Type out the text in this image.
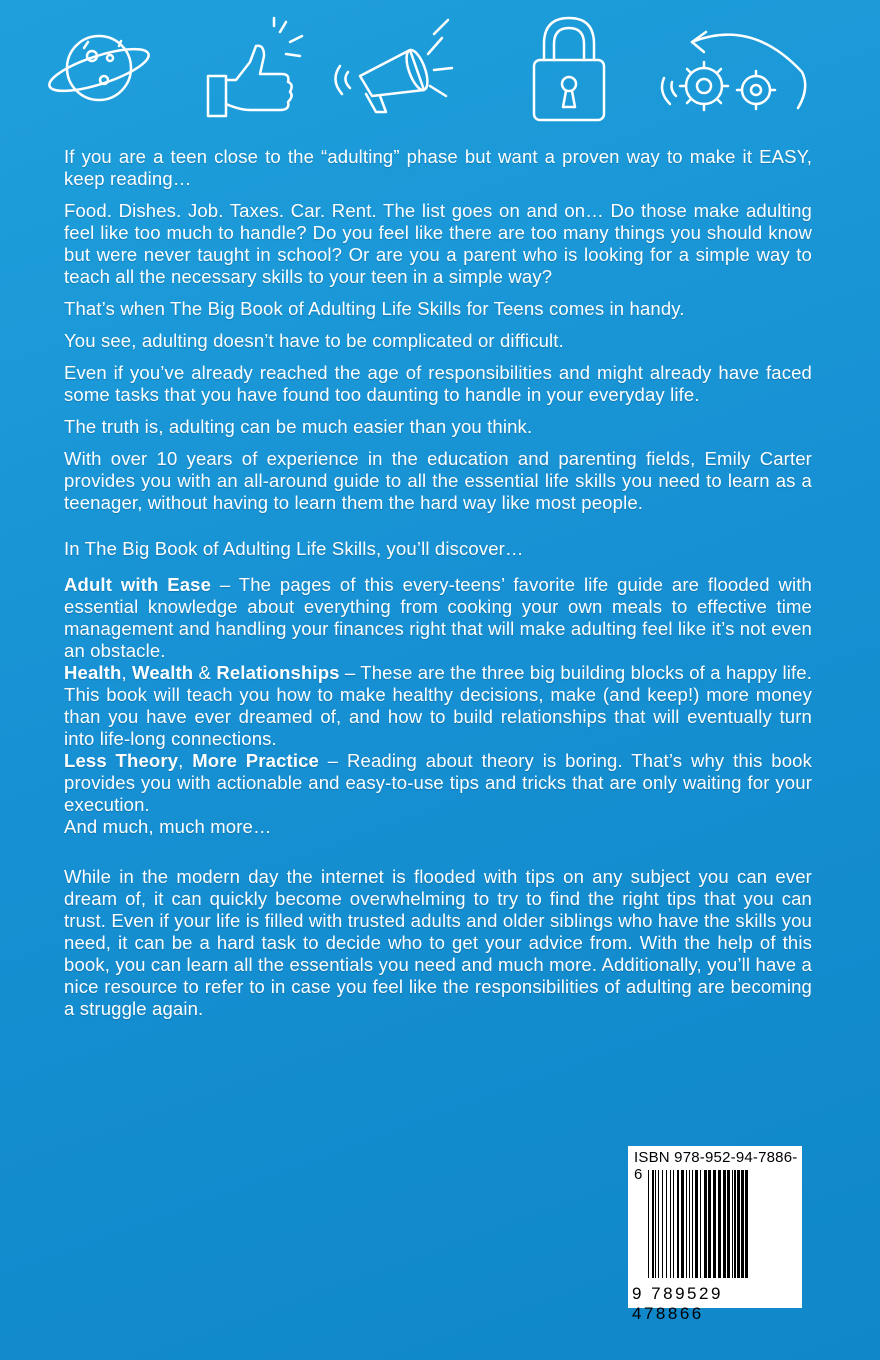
If you are a teen close to the “adulting” phase but want a proven way to make it EASY, keep reading…

Food. Dishes. Job. Taxes. Car. Rent. The list goes on and on… Do those make adulting feel like too much to handle? Do you feel like there are too many things you should know but were never taught in school? Or are you a parent who is looking for a simple way to teach all the necessary skills to your teen in a simple way?

That’s when The Big Book of Adulting Life Skills for Teens comes in handy.

You see, adulting doesn’t have to be complicated or difficult.

Even if you’ve already reached the age of responsibilities and might already have faced some tasks that you have found too daunting to handle in your everyday life.

The truth is, adulting can be much easier than you think.

With over 10 years of experience in the education and parenting fields, Emily Carter provides you with an all-around guide to all the essential life skills you need to learn as a teenager, without having to learn them the hard way like most people.

In The Big Book of Adulting Life Skills, you’ll discover…

Adult with Ease – The pages of this every-teens’ favorite life guide are flooded with essential knowledge about everything from cooking your own meals to effective time management and handling your finances right that will make adulting feel like it’s not even an obstacle.

Health, Wealth & Relationships – These are the three big building blocks of a happy life. This book will teach you how to make healthy decisions, make (and keep!) more money than you have ever dreamed of, and how to build relationships that will eventually turn into life-long connections.

Less Theory, More Practice – Reading about theory is boring. That’s why this book provides you with actionable and easy-to-use tips and tricks that are only waiting for your execution.

And much, much more…

While in the modern day the internet is flooded with tips on any subject you can ever dream of, it can quickly become overwhelming to try to find the right tips that you can trust. Even if your life is filled with trusted adults and older siblings who have the skills you need, it can be a hard task to decide who to get your advice from. With the help of this book, you can learn all the essentials you need and much more. Additionally, you’ll have a nice resource to refer to in case you feel like the responsibilities of adulting are becoming a struggle again.

ISBN 978-952-94-7886-6
9 789529 478866
